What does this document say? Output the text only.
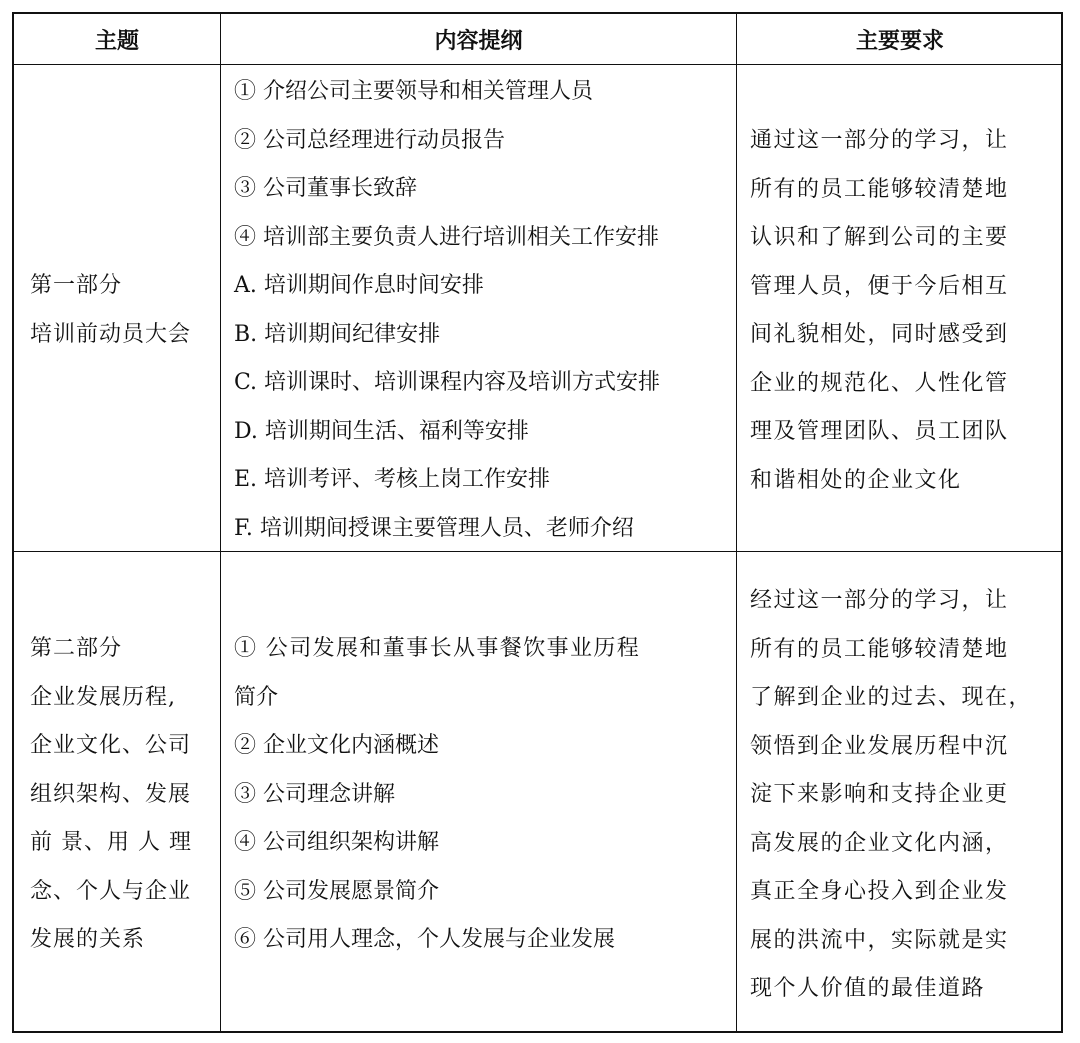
主题	内容提纲	主要要求
第一部分
培训前动员大会
① 介绍公司主要领导和相关管理人员
② 公司总经理进行动员报告
③ 公司董事长致辞
④ 培训部主要负责人进行培训相关工作安排
A. 培训期间作息时间安排
B. 培训期间纪律安排
C. 培训课时、培训课程内容及培训方式安排
D. 培训期间生活、福利等安排
E. 培训考评、考核上岗工作安排
F. 培训期间授课主要管理人员、老师介绍
通过这一部分的学习，让
所有的员工能够较清楚地
认识和了解到公司的主要
管理人员，便于今后相互
间礼貌相处，同时感受到
企业的规范化、人性化管
理及管理团队、员工团队
和谐相处的企业文化
第二部分
企业发展历程,
企业文化、公司
组织架构、发展
前 景、用 人 理
念、个人与企业
发展的关系
① 公司发展和董事长从事餐饮事业历程
简介
② 企业文化内涵概述
③ 公司理念讲解
④ 公司组织架构讲解
⑤ 公司发展愿景简介
⑥ 公司用人理念，个人发展与企业发展
经过这一部分的学习，让
所有的员工能够较清楚地
了解到企业的过去、现在，
领悟到企业发展历程中沉
淀下来影响和支持企业更
高发展的企业文化内涵，
真正全身心投入到企业发
展的洪流中，实际就是实
现个人价值的最佳道路
